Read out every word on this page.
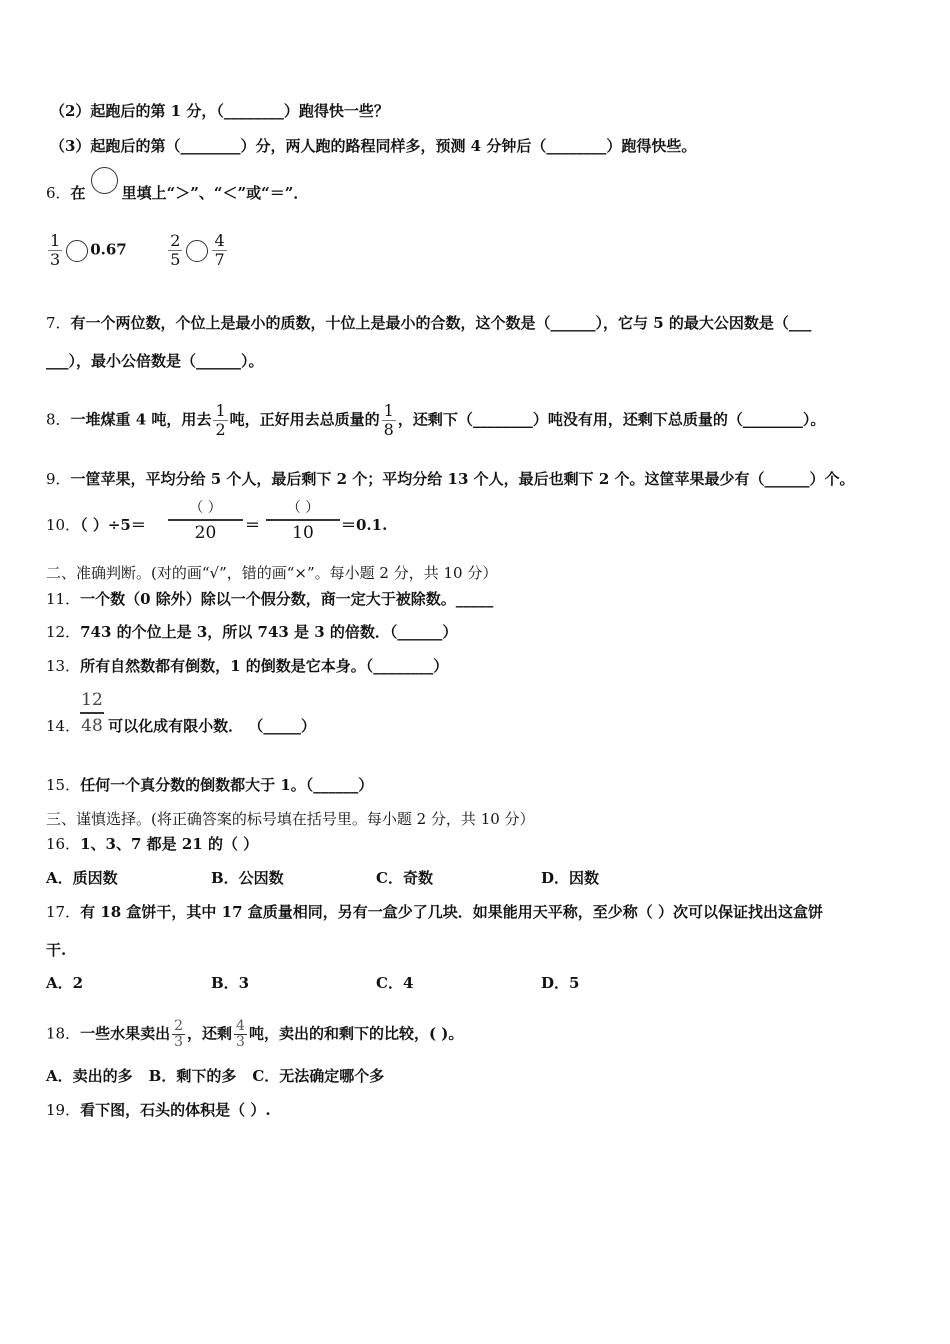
（2）起跑后的第 1 分，（________）跑得快一些？
（3）起跑后的第（________）分，两人跑的路程同样多，预测 4 分钟后（________）跑得快些。
6．在 里填上“＞”、“＜”或“＝”．
$\frac{1}{3} 0.67$	$\frac{2}{5} \frac{4}{7}$
7．有一个两位数，个位上是最小的质数，十位上是最小的合数，这个数是（______），它与 5 的最大公因数是（___
___），最小公倍数是（______）。
8．一堆煤重 4 吨，用去 $\frac{1}{2}$ 吨，正好用去总质量的 $\frac{1}{8}$ ，还剩下（________）吨没有用，还剩下总质量的（________）。
9．一筐苹果，平均分给 5 个人，最后剩下 2 个；平均分给 13 个人，最后也剩下 2 个。这筐苹果最少有（______）个。
10．（ ）÷5＝
（ ）
20	＝
（ ）
10	＝0.1.
二、准确判断。(对的画“√”，错的画“×”。每小题 2 分，共 10 分）
11．一个数（0 除外）除以一个假分数，商一定大于被除数。_____
12．743 的个位上是 3，所以 743 是 3 的倍数．（______）
13．所有自然数都有倒数，1 的倒数是它本身。（________）
14． 可以化成有限小数． （_____）
12
48
15．任何一个真分数的倒数都大于 1。（______）
三、谨慎选择。(将正确答案的标号填在括号里。每小题 2 分，共 10 分）
16．1、3、7 都是 21 的（ ）
A．质因数	B．公因数	C．奇数	D．因数
17．有 18 盒饼干，其中 17 盒质量相同，另有一盒少了几块．如果能用天平称，至少称（ ）次可以保证找出这盒饼
干.
A．2	B．3	C．4	D．5
18．一些水果卖出 $\frac{2}{3}$ ，还剩 $\frac{4}{3}$ 吨，卖出的和剩下的比较，( )。
A．卖出的多 B．剩下的多 C．无法确定哪个多
19．看下图，石头的体积是（ ）.
